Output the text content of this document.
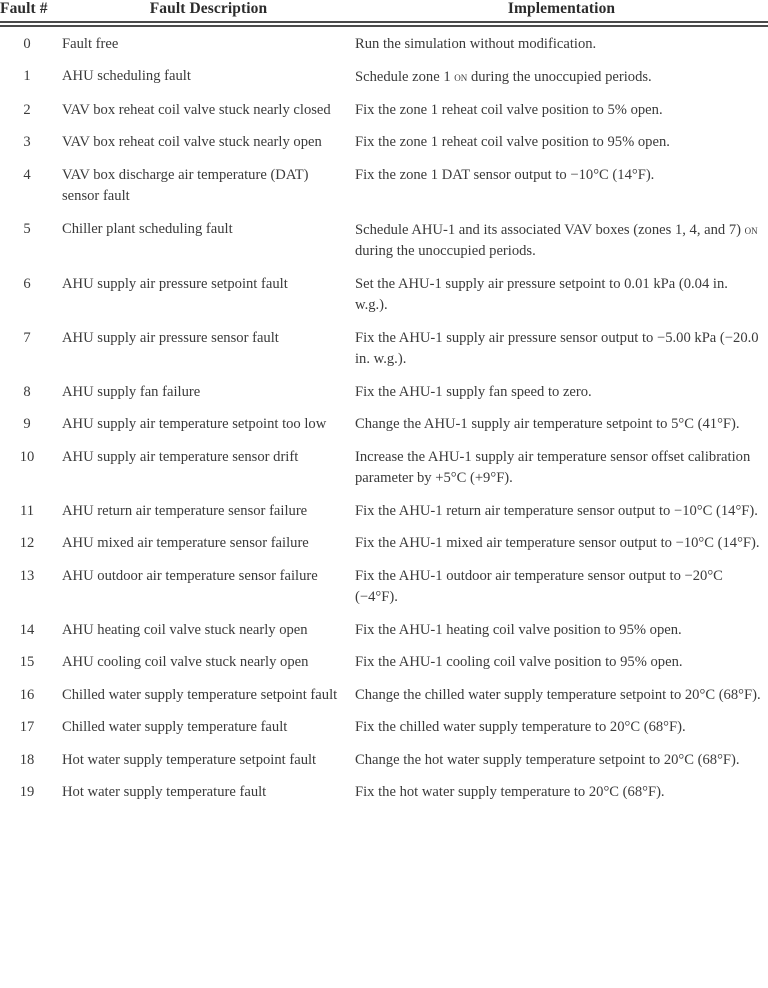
Fault #	Fault Description	Implementation

0	Fault free	Run the simulation without modification.
1	AHU scheduling fault	Schedule zone 1 on during the unoccupied periods.
2	VAV box reheat coil valve stuck nearly closed	Fix the zone 1 reheat coil valve position to 5% open.
3	VAV box reheat coil valve stuck nearly open	Fix the zone 1 reheat coil valve position to 95% open.
4	VAV box discharge air temperature (DAT) sensor fault	Fix the zone 1 DAT sensor output to −10°C (14°F).
5	Chiller plant scheduling fault	Schedule AHU-1 and its associated VAV boxes (zones 1, 4, and 7) on during the unoccupied periods.
6	AHU supply air pressure setpoint fault	Set the AHU-1 supply air pressure setpoint to 0.01 kPa (0.04 in. w.g.).
7	AHU supply air pressure sensor fault	Fix the AHU-1 supply air pressure sensor output to −5.00 kPa (−20.0 in. w.g.).
8	AHU supply fan failure	Fix the AHU-1 supply fan speed to zero.
9	AHU supply air temperature setpoint too low	Change the AHU-1 supply air temperature setpoint to 5°C (41°F).
10	AHU supply air temperature sensor drift	Increase the AHU-1 supply air temperature sensor offset calibration parameter by +5°C (+9°F).
11	AHU return air temperature sensor failure	Fix the AHU-1 return air temperature sensor output to −10°C (14°F).
12	AHU mixed air temperature sensor failure	Fix the AHU-1 mixed air temperature sensor output to −10°C (14°F).
13	AHU outdoor air temperature sensor failure	Fix the AHU-1 outdoor air temperature sensor output to −20°C (−4°F).
14	AHU heating coil valve stuck nearly open	Fix the AHU-1 heating coil valve position to 95% open.
15	AHU cooling coil valve stuck nearly open	Fix the AHU-1 cooling coil valve position to 95% open.
16	Chilled water supply temperature setpoint fault	Change the chilled water supply temperature setpoint to 20°C (68°F).
17	Chilled water supply temperature fault	Fix the chilled water supply temperature to 20°C (68°F).
18	Hot water supply temperature setpoint fault	Change the hot water supply temperature setpoint to 20°C (68°F).
19	Hot water supply temperature fault	Fix the hot water supply temperature to 20°C (68°F).
